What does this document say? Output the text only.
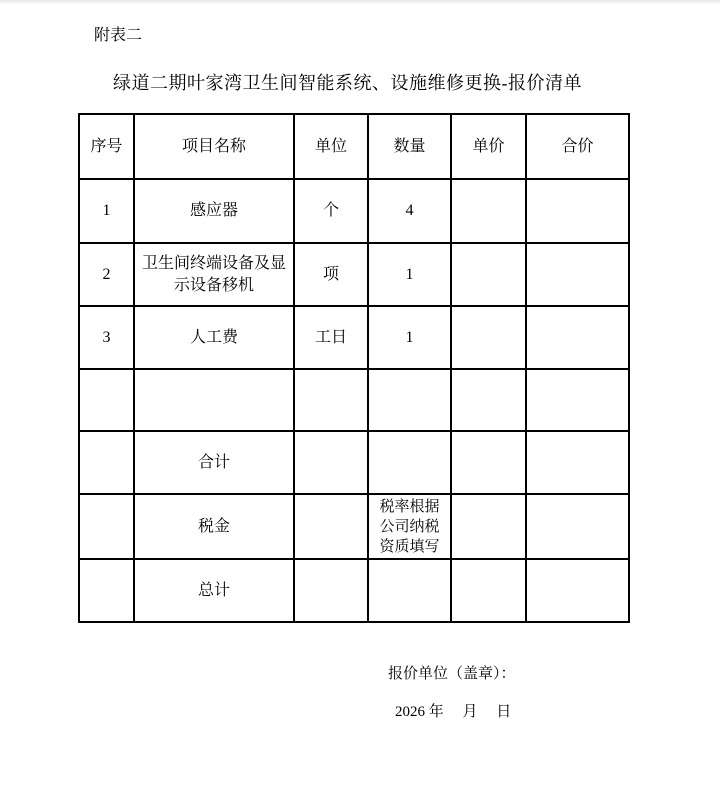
附表二
绿道二期叶家湾卫生间智能系统、设施维修更换-报价清单
序号	项目名称	单位	数量	单价	合价
1	感应器	个	4		
2	卫生间终端设备及显示设备移机	项	1		
3	人工费	工日	1		

	合计				
	税金		税率根据公司纳税资质填写		
	总计				
报价单位（盖章）：
2026 年　 月　 日
